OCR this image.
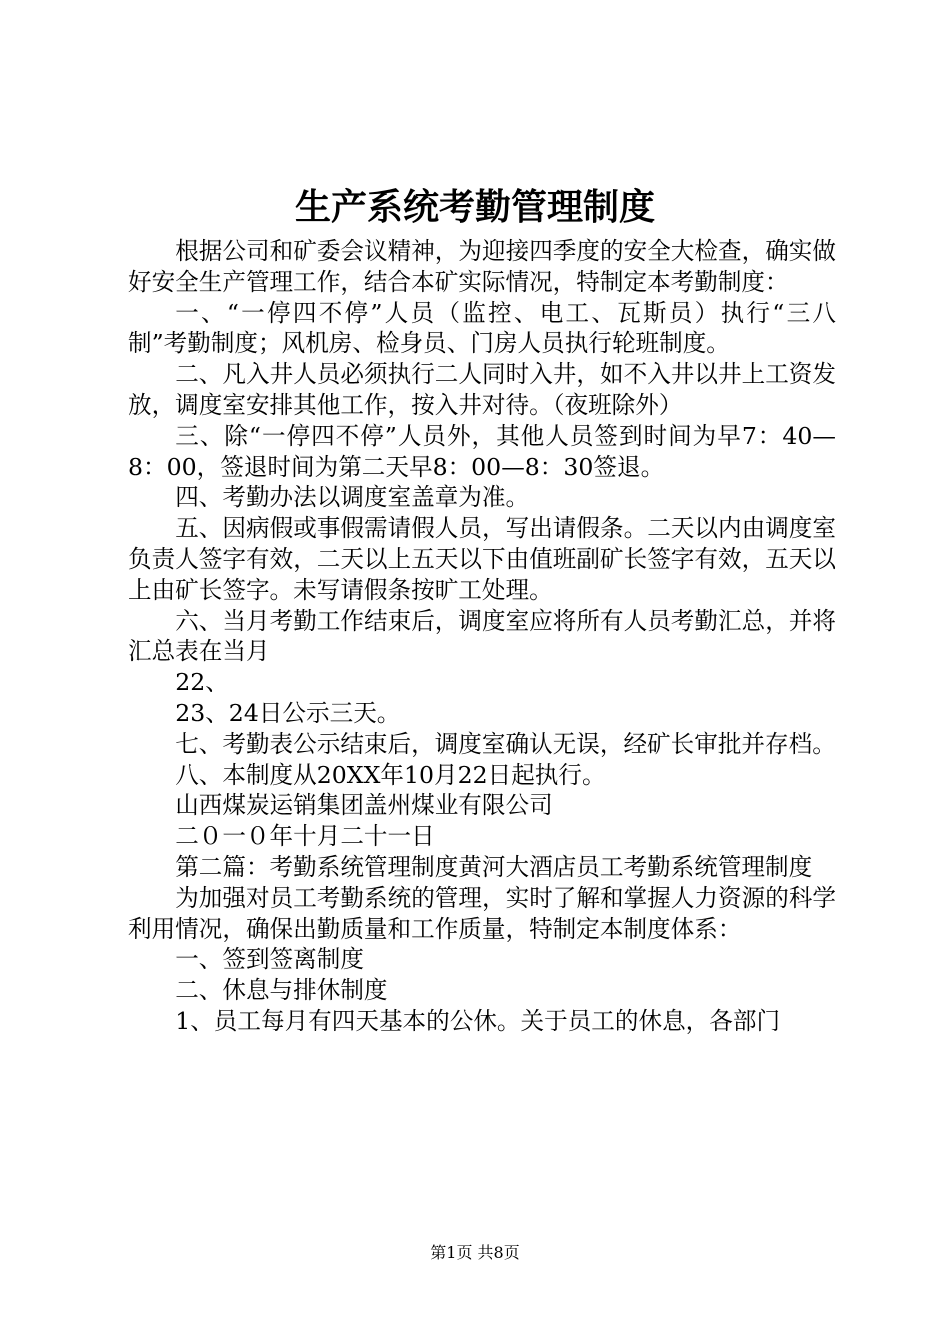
生产系统考勤管理制度

根据公司和矿委会议精神，为迎接四季度的安全大检查，确实做好安全生产管理工作，结合本矿实际情况，特制定本考勤制度：

一、“一停四不停”人员（监控、电工、瓦斯员）执行“三八制”考勤制度；风机房、检身员、门房人员执行轮班制度。

二、凡入井人员必须执行二人同时入井，如不入井以井上工资发放，调度室安排其他工作，按入井对待。（夜班除外）

三、除“一停四不停”人员外，其他人员签到时间为早7：40—8：00，签退时间为第二天早8：00—8：30签退。

四、考勤办法以调度室盖章为准。

五、因病假或事假需请假人员，写出请假条。二天以内由调度室负责人签字有效，二天以上五天以下由值班副矿长签字有效，五天以上由矿长签字。未写请假条按旷工处理。

六、当月考勤工作结束后，调度室应将所有人员考勤汇总，并将汇总表在当月

22、

23、24日公示三天。

七、考勤表公示结束后，调度室确认无误，经矿长审批并存档。

八、本制度从20XX年10月22日起执行。

山西煤炭运销集团盖州煤业有限公司

二０一０年十月二十一日

第二篇：考勤系统管理制度黄河大酒店员工考勤系统管理制度

为加强对员工考勤系统的管理，实时了解和掌握人力资源的科学利用情况，确保出勤质量和工作质量，特制定本制度体系：

一、签到签离制度

二、休息与排休制度

1、员工每月有四天基本的公休。关于员工的休息，各部门

第1页 共8页
